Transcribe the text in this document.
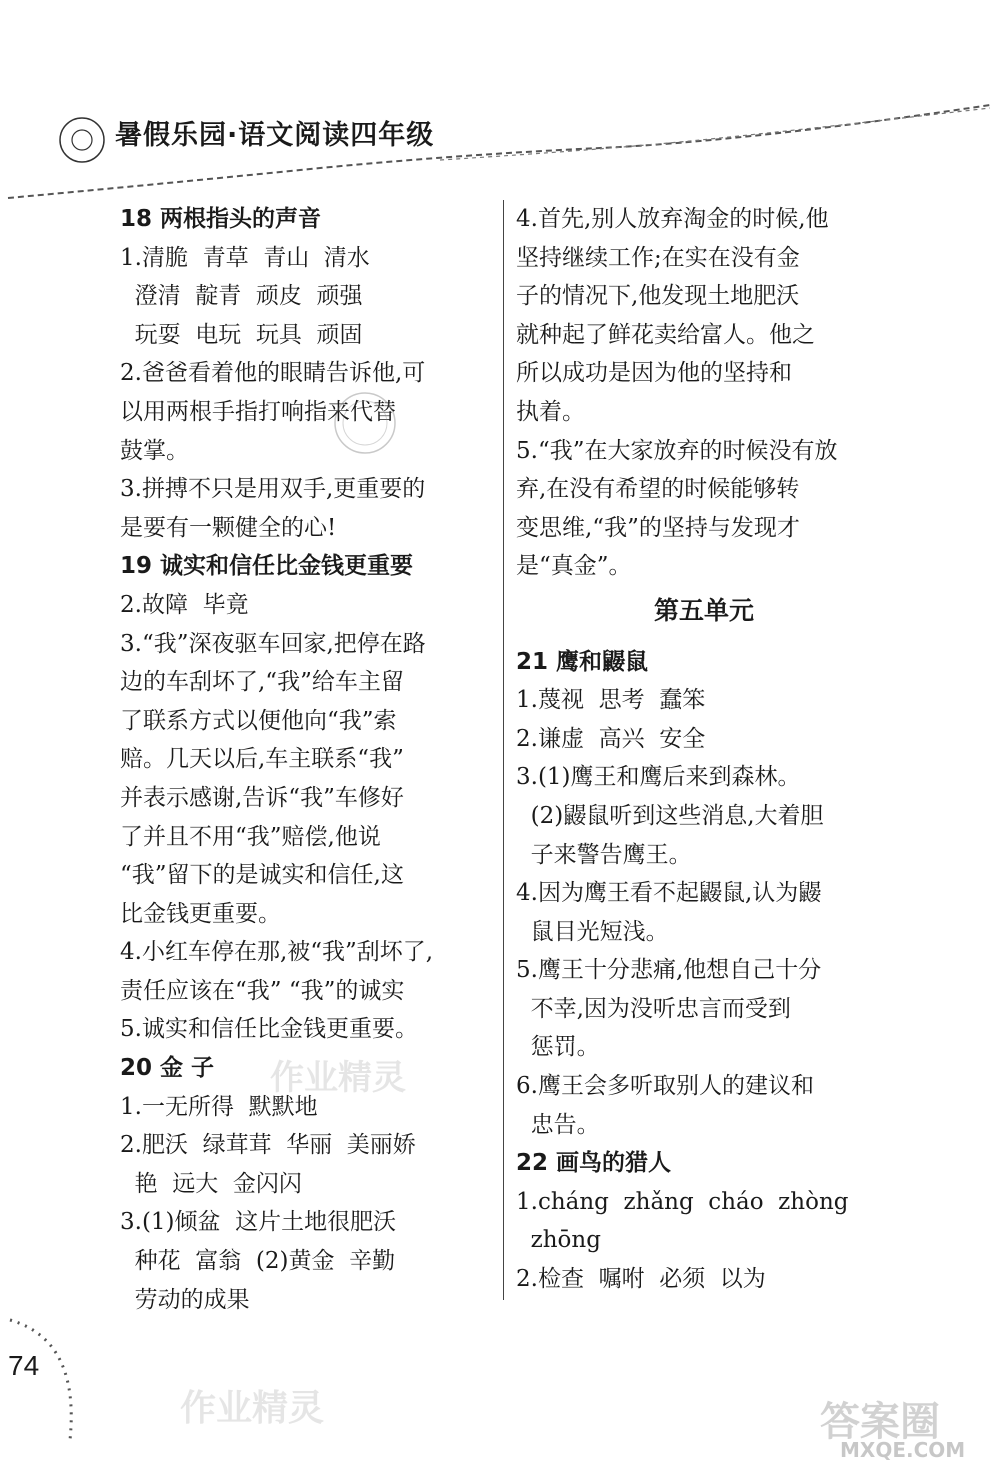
暑假乐园·语文阅读四年级
18 两根指头的声音
1.清脆  青草  青山  清水
澄清  靛青  顽皮  顽强
玩耍  电玩  玩具  顽固
2.爸爸看着他的眼睛告诉他,可
以用两根手指打响指来代替
鼓掌。
3.拼搏不只是用双手,更重要的
是要有一颗健全的心!
19 诚实和信任比金钱更重要
2.故障  毕竟
3.“我”深夜驱车回家,把停在路
边的车刮坏了,“我”给车主留
了联系方式以便他向“我”索
赔。几天以后,车主联系“我”
并表示感谢,告诉“我”车修好
了并且不用“我”赔偿,他说
“我”留下的是诚实和信任,这
比金钱更重要。
4.小红车停在那,被“我”刮坏了,
责任应该在“我” “我”的诚实
5.诚实和信任比金钱更重要。
20 金 子
1.一无所得  默默地
2.肥沃  绿茸茸  华丽  美丽娇
艳  远大  金闪闪
3.(1)倾盆  这片土地很肥沃
种花  富翁  (2)黄金  辛勤
劳动的成果
4.首先,别人放弃淘金的时候,他
坚持继续工作;在实在没有金
子的情况下,他发现土地肥沃
就种起了鲜花卖给富人。他之
所以成功是因为他的坚持和
执着。
5.“我”在大家放弃的时候没有放
弃,在没有希望的时候能够转
变思维,“我”的坚持与发现才
是“真金”。
第五单元
21 鹰和鼹鼠
1.蔑视  思考  蠢笨
2.谦虚  高兴  安全
3.(1)鹰王和鹰后来到森林。
(2)鼹鼠听到这些消息,大着胆
子来警告鹰王。
4.因为鹰王看不起鼹鼠,认为鼹
鼠目光短浅。
5.鹰王十分悲痛,他想自己十分
不幸,因为没听忠言而受到
惩罚。
6.鹰王会多听取别人的建议和
忠告。
22 画鸟的猎人
1.cháng  zhǎng  cháo  zhòng
zhōng
2.检查  嘱咐  必须  以为
作业精灵
作业精灵	答案圈
MXQE.COM
74
